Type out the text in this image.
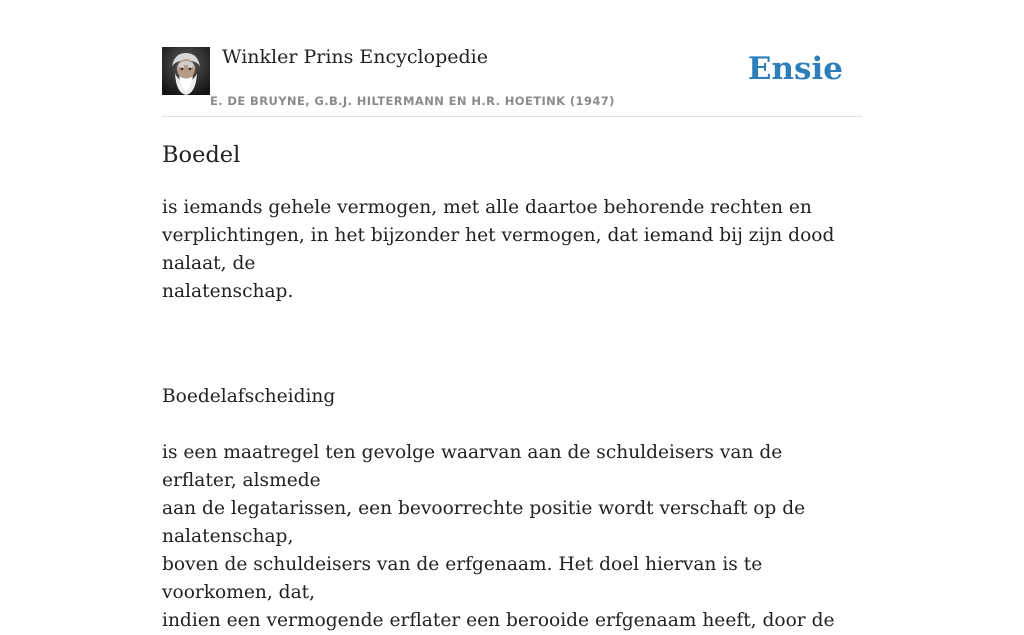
Winkler Prins Encyclopedie
E. DE BRUYNE, G.B.J. HILTERMANN EN H.R. HOETINK (1947)
Ensie
Boedel

is iemands gehele vermogen, met alle daartoe behorende rechten en
verplichtingen, in het bijzonder het vermogen, dat iemand bij zijn dood nalaat, de
nalatenschap.

Boedelafscheiding

is een maatregel ten gevolge waarvan aan de schuldeisers van de erflater, alsmede
aan de legatarissen, een bevoorrechte positie wordt verschaft op de nalatenschap,
boven de schuldeisers van de erfgenaam. Het doel hiervan is te voorkomen, dat,
indien een vermogende erflater een berooide erfgenaam heeft, door de
